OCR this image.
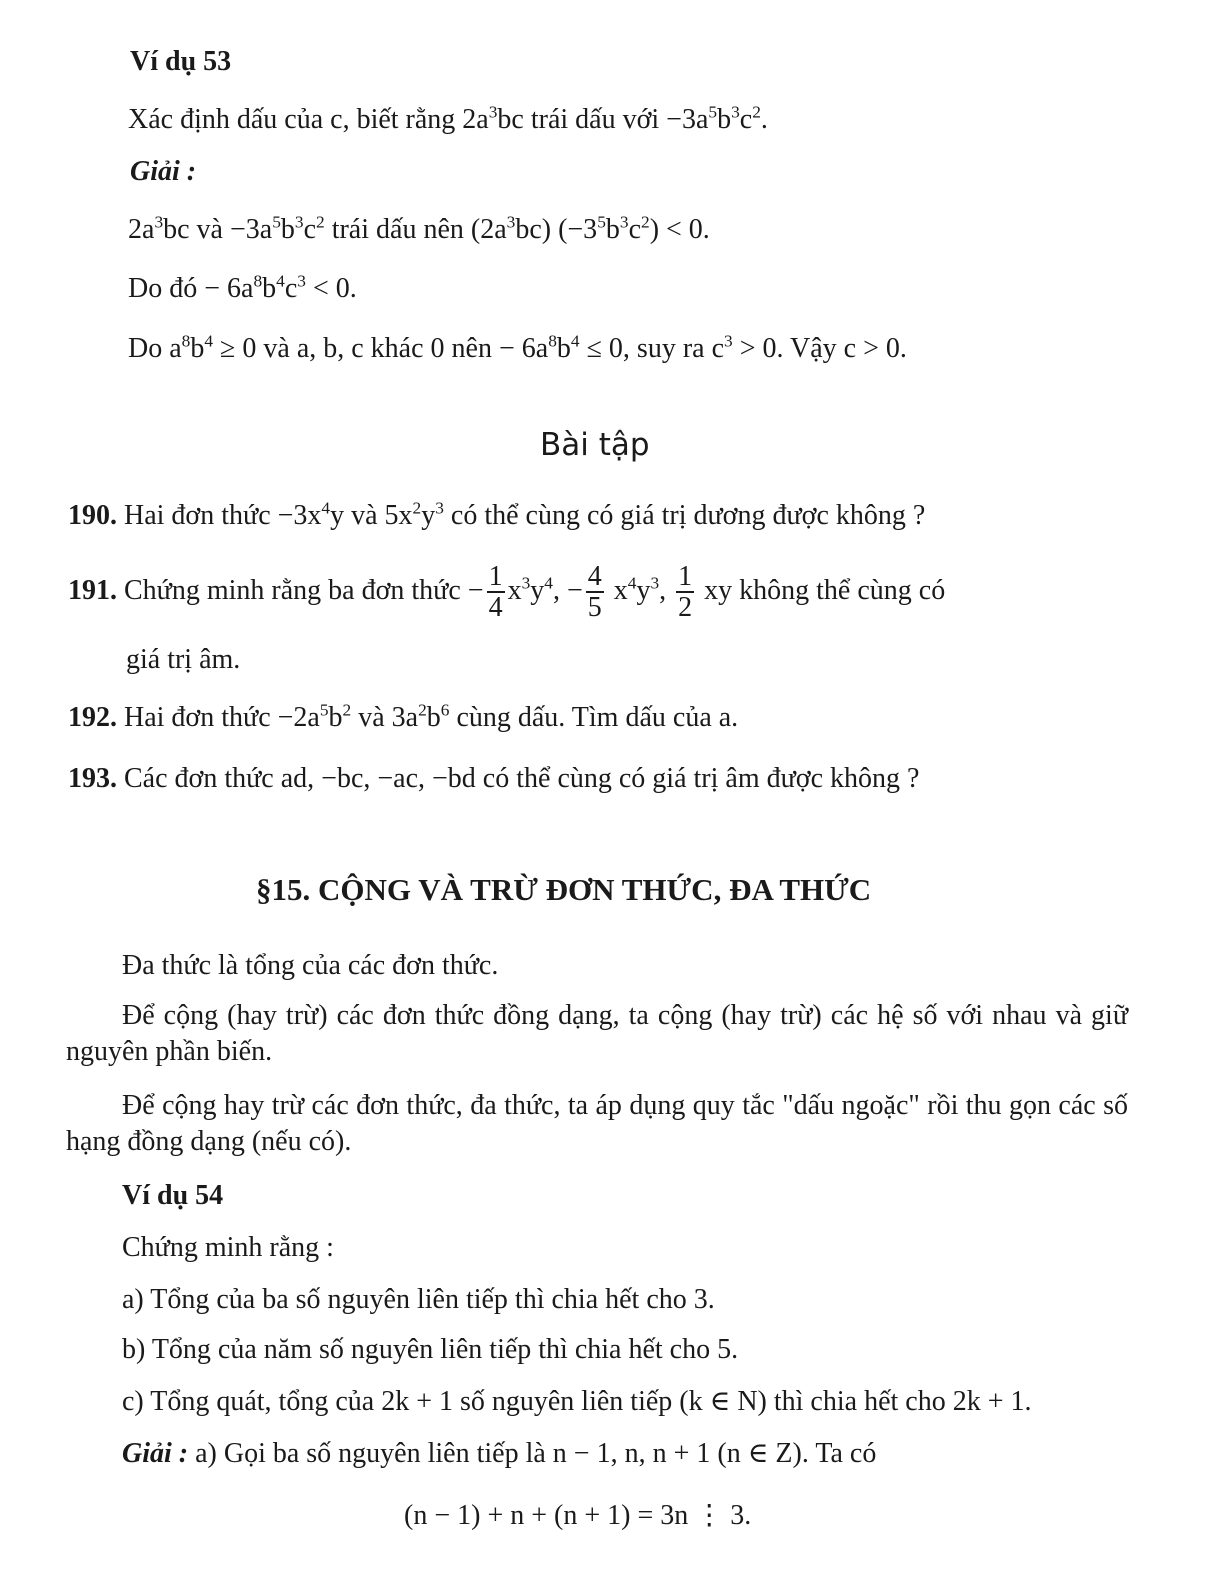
Ví dụ 53
Xác định dấu của c, biết rằng $2a^3bc$ trái dấu với $-3a^5b^3c^2$.
Giải :
$2a^3bc$ và $-3a^5b^3c^2$ trái dấu nên $(2a^3bc) (-3^5b^3c^2) < 0$.
Do đó − $6a^8b^4c^3 < 0$.
Do $a^8b^4 \ge 0$ và a, b, c khác 0 nên − $6a^8b^4 \le 0$, suy ra $c^3 > 0$. Vậy c > 0.
Bài tập
190. Hai đơn thức $-3x^4y$ và $5x^2y^3$ có thể cùng có giá trị dương được không ?
191. Chứng minh rằng ba đơn thức − $\frac{1}{4} x^3y^4$, − $\frac{4}{5} x^4y^3$, $\frac{1}{2}$ xy không thể cùng có
giá trị âm.
192. Hai đơn thức $-2a^5b^2$ và $3a^2b^6$ cùng dấu. Tìm dấu của a.
193. Các đơn thức ad, −bc, −ac, −bd có thể cùng có giá trị âm được không ?
§15. CỘNG VÀ TRỪ ĐƠN THỨC, ĐA THỨC
Đa thức là tổng của các đơn thức.
Để cộng (hay trừ) các đơn thức đồng dạng, ta cộng (hay trừ) các hệ số với nhau và giữ nguyên phần biến.
Để cộng hay trừ các đơn thức, đa thức, ta áp dụng quy tắc "dấu ngoặc" rồi thu gọn các số hạng đồng dạng (nếu có).
Ví dụ 54
Chứng minh rằng :
a) Tổng của ba số nguyên liên tiếp thì chia hết cho 3.
b) Tổng của năm số nguyên liên tiếp thì chia hết cho 5.
c) Tổng quát, tổng của 2k + 1 số nguyên liên tiếp (k ∈ N) thì chia hết cho 2k + 1.
Giải : a) Gọi ba số nguyên liên tiếp là n − 1, n, n + 1 (n ∈ Z). Ta có
(n − 1) + n + (n + 1) = 3n ⋮ 3.
